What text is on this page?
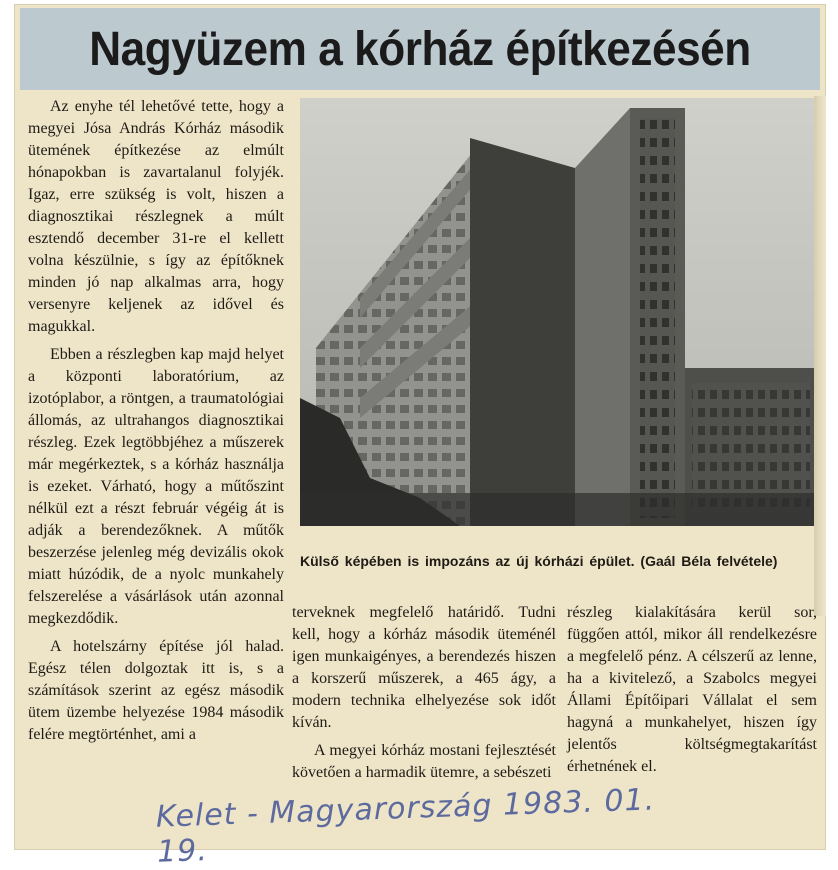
Nagyüzem a kórház építkezésén

Az enyhe tél lehetővé tette, hogy a megyei Jósa András Kórház második ütemének építkezése az elmúlt hónapokban is zavartalanul folyjék. Igaz, erre szükség is volt, hiszen a diagnosztikai részlegnek a múlt esztendő december 31-re el kellett volna készülnie, s így az építőknek minden jó nap alkalmas arra, hogy versenyre keljenek az idővel és magukkal.

Ebben a részlegben kap majd helyet a központi laboratórium, az izotóplabor, a röntgen, a traumatológiai állomás, az ultrahangos diagnosztikai részleg. Ezek legtöbbjéhez a műszerek már megérkeztek, s a kórház használja is ezeket. Várható, hogy a műtőszint nélkül ezt a részt február végéig át is adják a berendezőknek. A műtők beszerzése jelenleg még devizális okok miatt húzódik, de a nyolc munkahely felszerelése a vásárlások után azonnal megkezdődik.

A hotelszárny építése jól halad. Egész télen dolgoztak itt is, s a számítások szerint az egész második ütem üzembe helyezése 1984 második felére megtörténhet, ami a

Külső képében is impozáns az új kórházi épület. (Gaál Béla felvétele)

terveknek megfelelő határidő. Tudni kell, hogy a kórház második üteménél igen munkaigényes, a berendezés hiszen a korszerű műszerek, a 465 ágy, a modern technika elhelyezése sok időt kíván.

A megyei kórház mostani fejlesztését követően a harmadik ütemre, a sebészeti

részleg kialakítására kerül sor, függően attól, mikor áll rendelkezésre a megfelelő pénz. A célszerű az lenne, ha a kivitelező, a Szabolcs megyei Állami Építőipari Vállalat el sem hagyná a munkahelyet, hiszen így jelentős költségmegtakarítást érhetnének el.

Kelet - Magyarország 1983. 01. 19.
